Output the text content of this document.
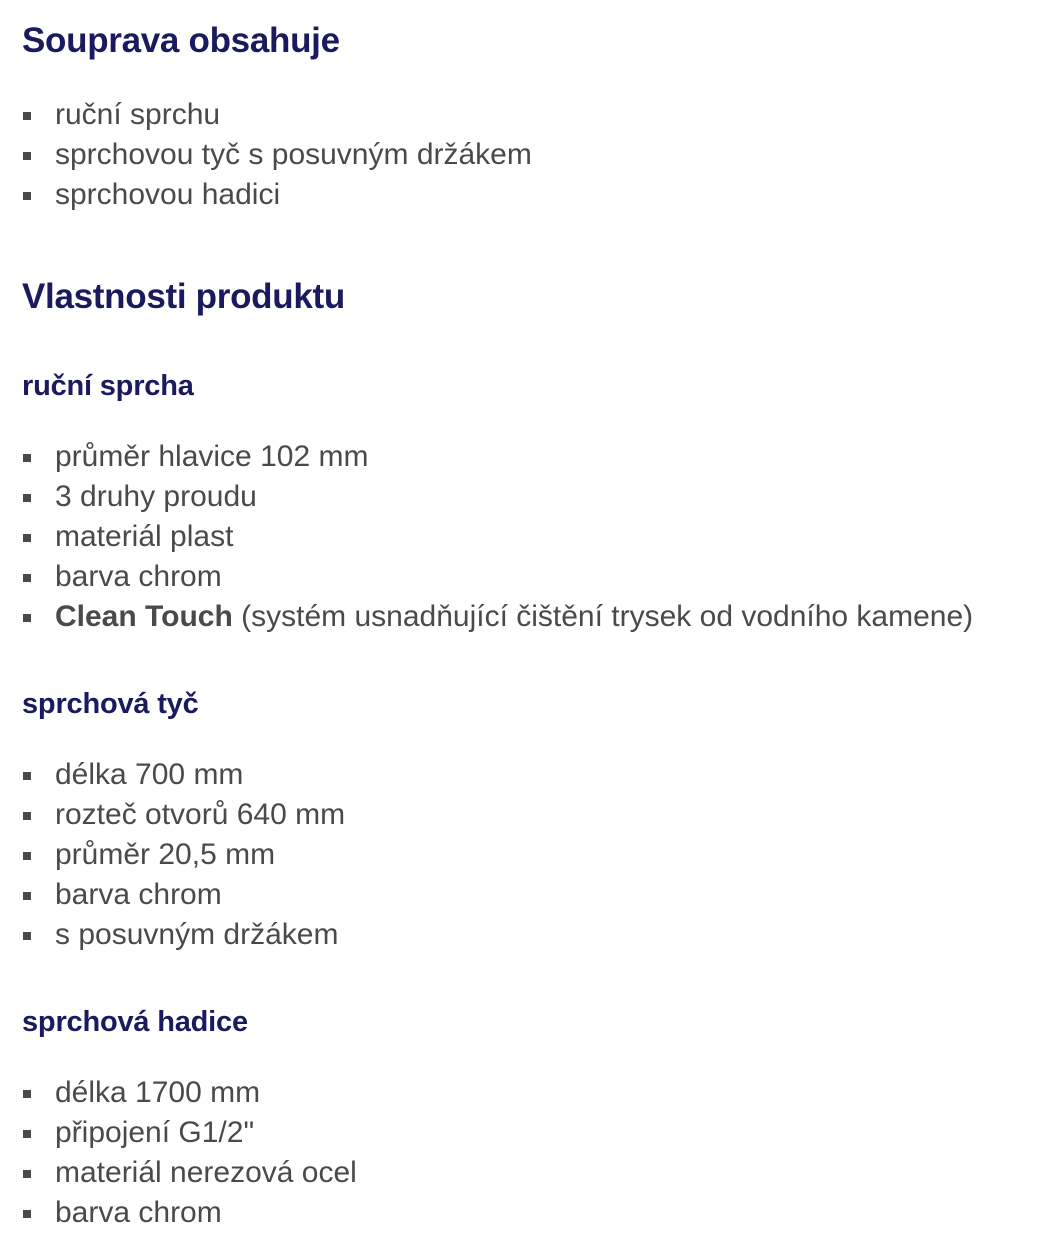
Souprava obsahuje
ruční sprchu
sprchovou tyč s posuvným držákem
sprchovou hadici
Vlastnosti produktu
ruční sprcha
průměr hlavice 102 mm
3 druhy proudu
materiál plast
barva chrom
Clean Touch (systém usnadňující čištění trysek od vodního kamene)
sprchová tyč
délka 700 mm
rozteč otvorů 640 mm
průměr 20,5 mm
barva chrom
s posuvným držákem
sprchová hadice
délka 1700 mm
připojení G1/2"
materiál nerezová ocel
barva chrom
